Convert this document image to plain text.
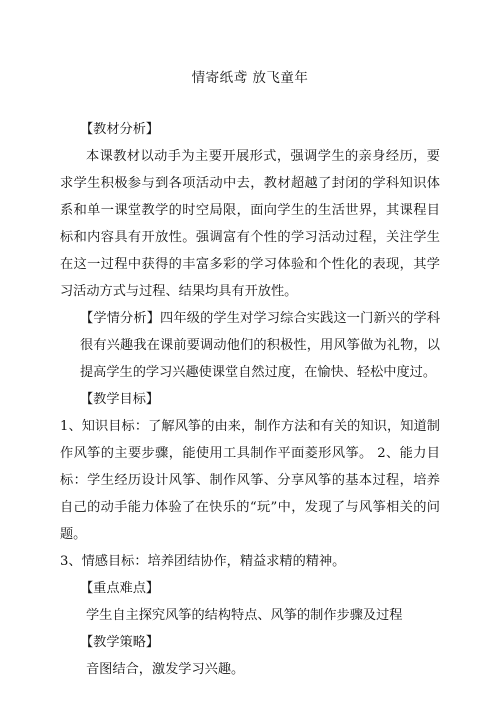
情寄纸鸢 放飞童年

【教材分析】

本课教材以动手为主要开展形式，强调学生的亲身经历，要求学生积极参与到各项活动中去，教材超越了封闭的学科知识体系和单一课堂教学的时空局限，面向学生的生活世界，其课程目标和内容具有开放性。强调富有个性的学习活动过程，关注学生在这一过程中获得的丰富多彩的学习体验和个性化的表现，其学习活动方式与过程、结果均具有开放性。

【学情分析】四年级的学生对学习综合实践这一门新兴的学科很有兴趣我在课前要调动他们的积极性，用风筝做为礼物，以提高学生的学习兴趣使课堂自然过度，在愉快、轻松中度过。

【教学目标】

1、知识目标：了解风筝的由来，制作方法和有关的知识，知道制作风筝的主要步骤，能使用工具制作平面菱形风筝。 2、能力目标：学生经历设计风筝、制作风筝、分享风筝的基本过程，培养自己的动手能力体验了在快乐的“玩”中，发现了与风筝相关的问题。

3、情感目标：培养团结协作，精益求精的精神。

【重点难点】

学生自主探究风筝的结构特点、风筝的制作步骤及过程

【教学策略】

音图结合，激发学习兴趣。
